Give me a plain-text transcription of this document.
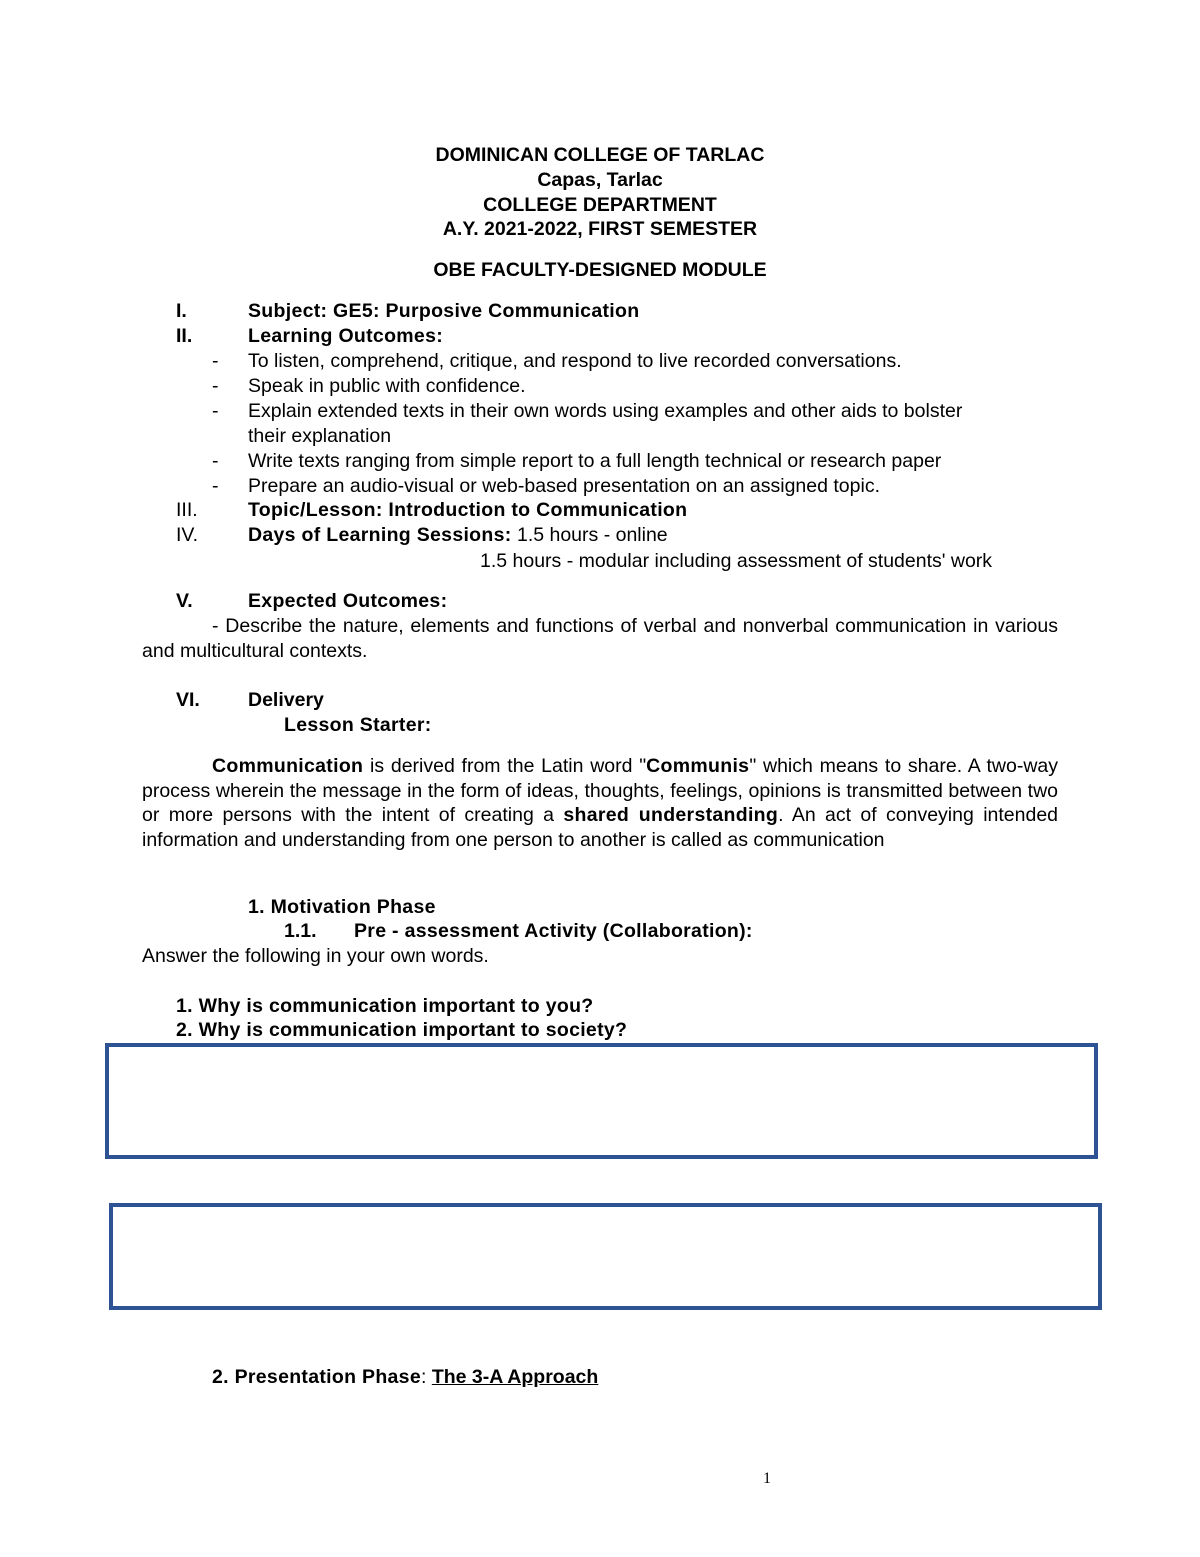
DOMINICAN COLLEGE OF TARLAC
Capas, Tarlac
COLLEGE DEPARTMENT
A.Y. 2021-2022, FIRST SEMESTER
OBE FACULTY-DESIGNED MODULE
I.	Subject: GE5: Purposive Communication
II.	Learning Outcomes:
- To listen, comprehend, critique, and respond to live recorded conversations.
- Speak in public with confidence.
- Explain extended texts in their own words using examples and other aids to bolster
their explanation
- Write texts ranging from simple report to a full length technical or research paper
- Prepare an audio-visual or web-based presentation on an assigned topic.
III.	Topic/Lesson: Introduction to Communication
IV.	Days of Learning Sessions: 1.5 hours - online
1.5 hours - modular including assessment of students' work
V.	Expected Outcomes:
- Describe the nature, elements and functions of verbal and nonverbal communication in various and multicultural contexts.
VI. Delivery
Lesson Starter:
Communication is derived from the Latin word "Communis" which means to share. A two-way process wherein the message in the form of ideas, thoughts, feelings, opinions is transmitted between two or more persons with the intent of creating a shared understanding. An act of conveying intended information and understanding from one person to another is called as communication
1. Motivation Phase
1.1. Pre - assessment Activity (Collaboration):
Answer the following in your own words.
1. Why is communication important to you?
2. Why is communication important to society?
2. Presentation Phase: The 3-A Approach
1
